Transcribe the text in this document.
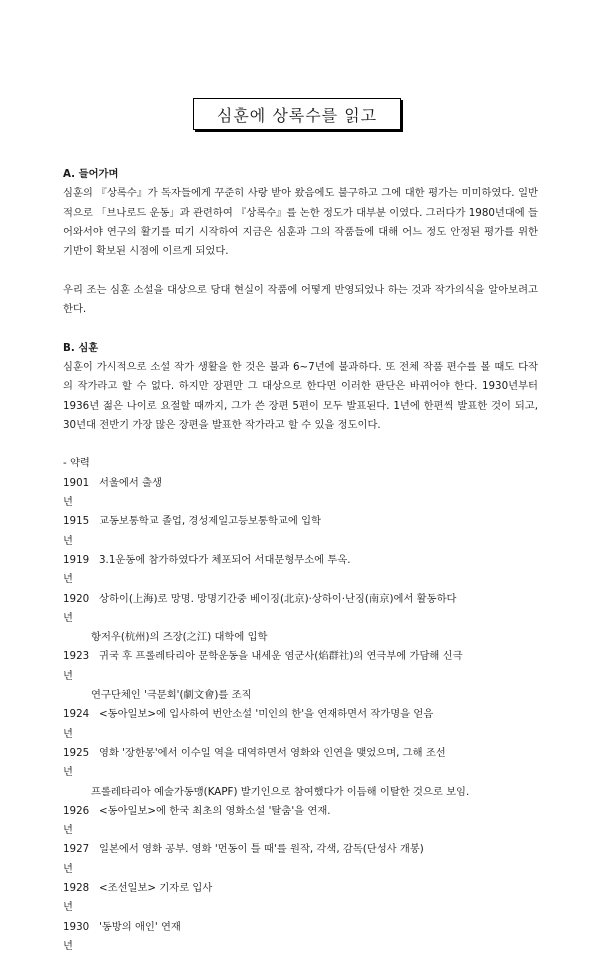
심훈에 상록수를 읽고
A. 들어가며
심훈의 『상록수』가 독자들에게 꾸준히 사랑 받아 왔음에도 불구하고 그에 대한 평가는 미미하였다. 일반적으로 「브나로드 운동」과 관련하여 『상록수』를 논한 정도가 대부분 이였다. 그러다가 1980년대에 들어와서야 연구의 활기를 띠기 시작하여 지금은 심훈과 그의 작품들에 대해 어느 정도 안정된 평가를 위한 기반이 확보된 시점에 이르게 되었다.
우리 조는 심훈 소설을 대상으로 당대 현실이 작품에 어떻게 반영되었나 하는 것과 작가의식을 알아보려고 한다.
B. 심훈
심훈이 가시적으로 소설 작가 생활을 한 것은 불과 6~7년에 불과하다. 또 전체 작품 편수를 볼 때도 다작의 작가라고 할 수 없다. 하지만 장편만 그 대상으로 한다면 이러한 판단은 바뀌어야 한다. 1930년부터 1936년 젊은 나이로 요절할 때까지, 그가 쓴 장편 5편이 모두 발표된다. 1년에 한편씩 발표한 것이 되고, 30년대 전반기 가장 많은 장편을 발표한 작가라고 할 수 있을 정도이다.
- 약력
1901년
서울에서 출생
1915년
교동보통학교 졸업, 경성제일고등보통학교에 입학
1919년
3.1운동에 참가하였다가 체포되어 서대문형무소에 투옥.
1920년
상하이(上海)로 망명. 망명기간중 베이징(北京)·상하이·난징(南京)에서 활동하다
항저우(杭州)의 즈장(之江) 대학에 입학
1923년
귀국 후 프롤레타리아 문학운동을 내세운 염군사(焰群社)의 연극부에 가담해 신극
연구단체인 '극문회'(劇文會)를 조직
1924년
<동아일보>에 입사하여 번안소설 '미인의 한'을 연재하면서 작가명을 얻음
1925년
영화 '장한몽'에서 이수일 역을 대역하면서 영화와 인연을 맺었으며, 그해 조선
프롤레타리아 예술가동맹(KAPF) 발기인으로 참여했다가 이듬해 이탈한 것으로 보임.
1926년
<동아일보>에 한국 최초의 영화소설 '탈춤'을 연재.
1927년
일본에서 영화 공부. 영화 '먼동이 틀 때'를 원작, 각색, 감독(단성사 개봉)
1928년
<조선일보> 기자로 입사
1930년
'동방의 애인' 연재
